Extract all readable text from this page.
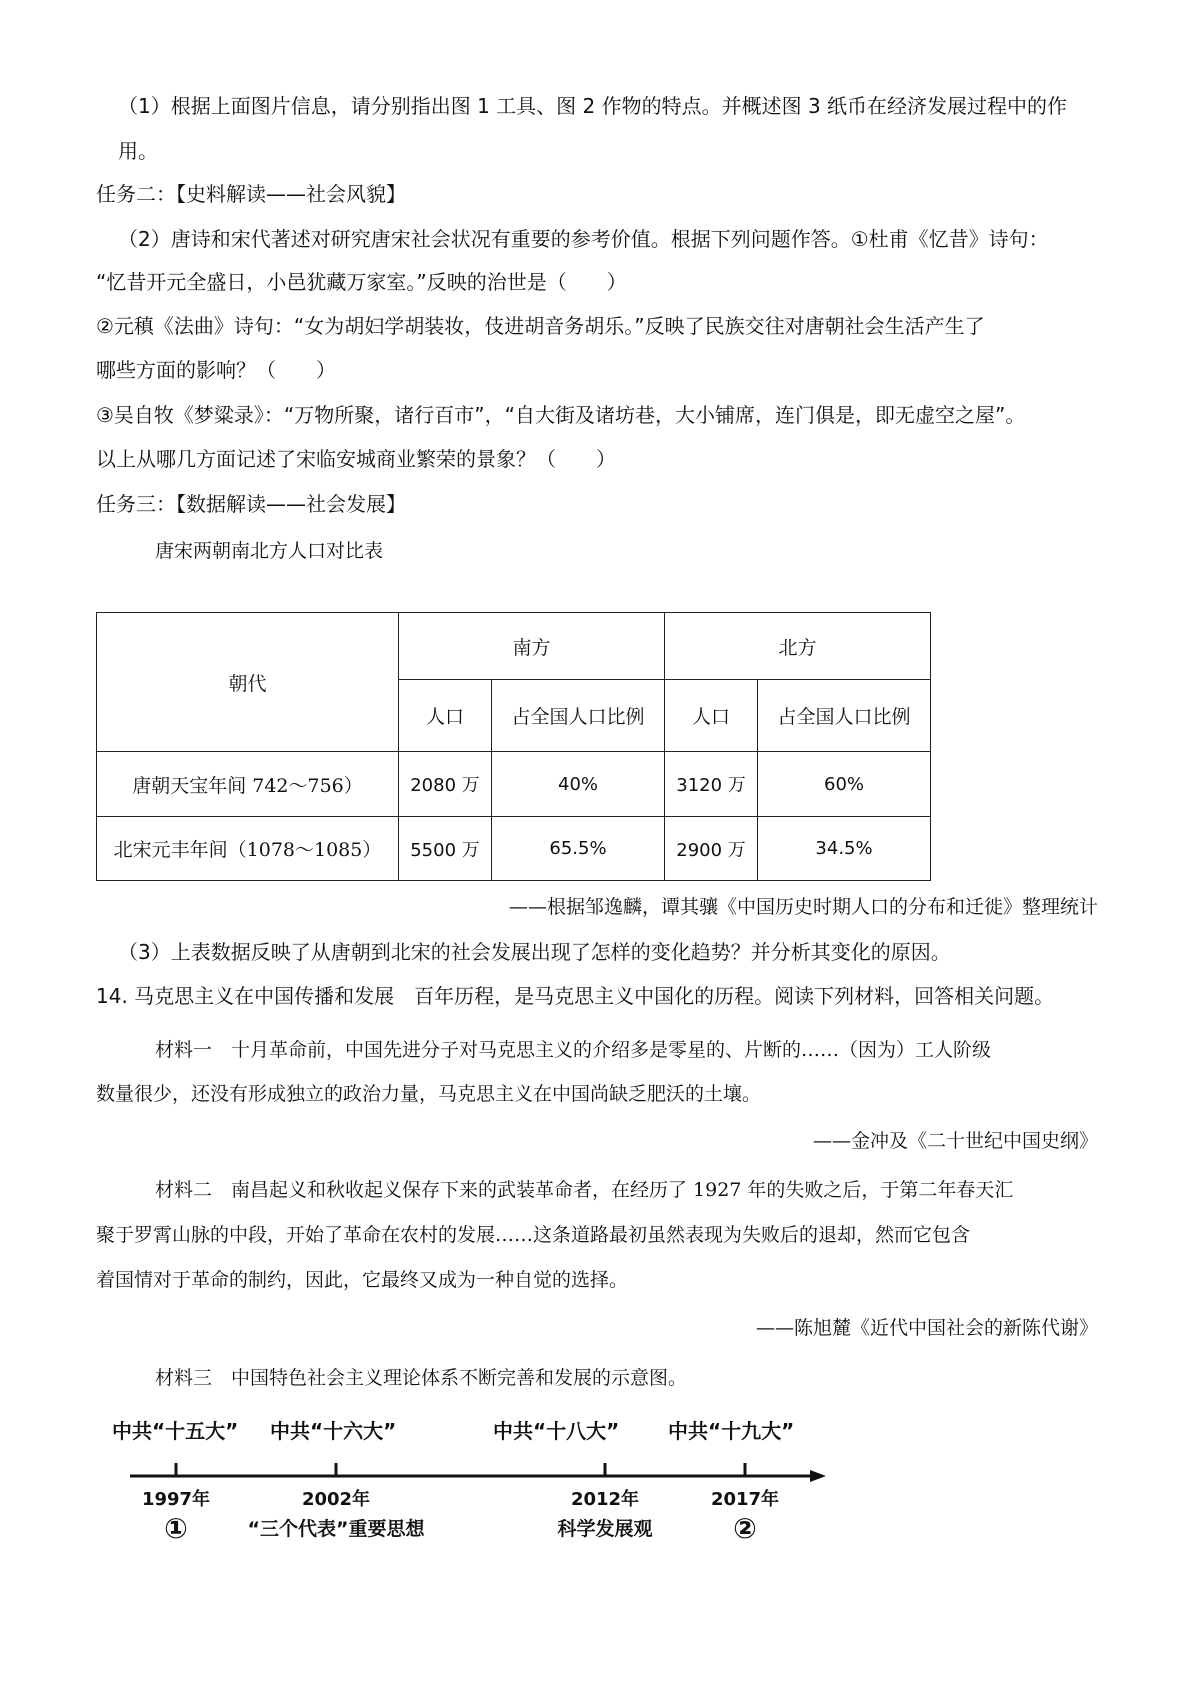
（1）根据上面图片信息，请分别指出图 1 工具、图 2 作物的特点。并概述图 3 纸币在经济发展过程中的作
用。
任务二：【史料解读——社会风貌】
（2）唐诗和宋代著述对研究唐宋社会状况有重要的参考价值。根据下列问题作答。①杜甫《忆昔》诗句：
“忆昔开元全盛日，小邑犹藏万家室。”反映的治世是（　　）
②元稹《法曲》诗句：“女为胡妇学胡装妆，伎进胡音务胡乐。”反映了民族交往对唐朝社会生活产生了
哪些方面的影响？（　　）
③吴自牧《梦粱录》：“万物所聚，诸行百市”，“自大街及诸坊巷，大小铺席，连门俱是，即无虚空之屋”。
以上从哪几方面记述了宋临安城商业繁荣的景象？（　　）
任务三：【数据解读——社会发展】
唐宋两朝南北方人口对比表
朝代	南方		北方	
	人口	占全国人口比例	人口	占全国人口比例
唐朝天宝年间 742～756）	2080 万	40%	3120 万	60%
北宋元丰年间（1078～1085）	5500 万	65.5%	2900 万	34.5%
——根据邹逸麟，谭其骧《中国历史时期人口的分布和迁徙》整理统计
（3）上表数据反映了从唐朝到北宋的社会发展出现了怎样的变化趋势？并分析其变化的原因。
14. 马克思主义在中国传播和发展　百年历程，是马克思主义中国化的历程。阅读下列材料，回答相关问题。
材料一　十月革命前，中国先进分子对马克思主义的介绍多是零星的、片断的……（因为）工人阶级
数量很少，还没有形成独立的政治力量，马克思主义在中国尚缺乏肥沃的土壤。
——金冲及《二十世纪中国史纲》
材料二　南昌起义和秋收起义保存下来的武装革命者，在经历了 1927 年的失败之后，于第二年春天汇
聚于罗霄山脉的中段，开始了革命在农村的发展……这条道路最初虽然表现为失败后的退却，然而它包含
着国情对于革命的制约，因此，它最终又成为一种自觉的选择。
——陈旭麓《近代中国社会的新陈代谢》
材料三　中国特色社会主义理论体系不断完善和发展的示意图。
中共“十五大” 中共“十六大”	中共“十八大” 中共“十九大”
1997年	2002年	2012年	2017年
①	“三个代表”重要思想	科学发展观	②
